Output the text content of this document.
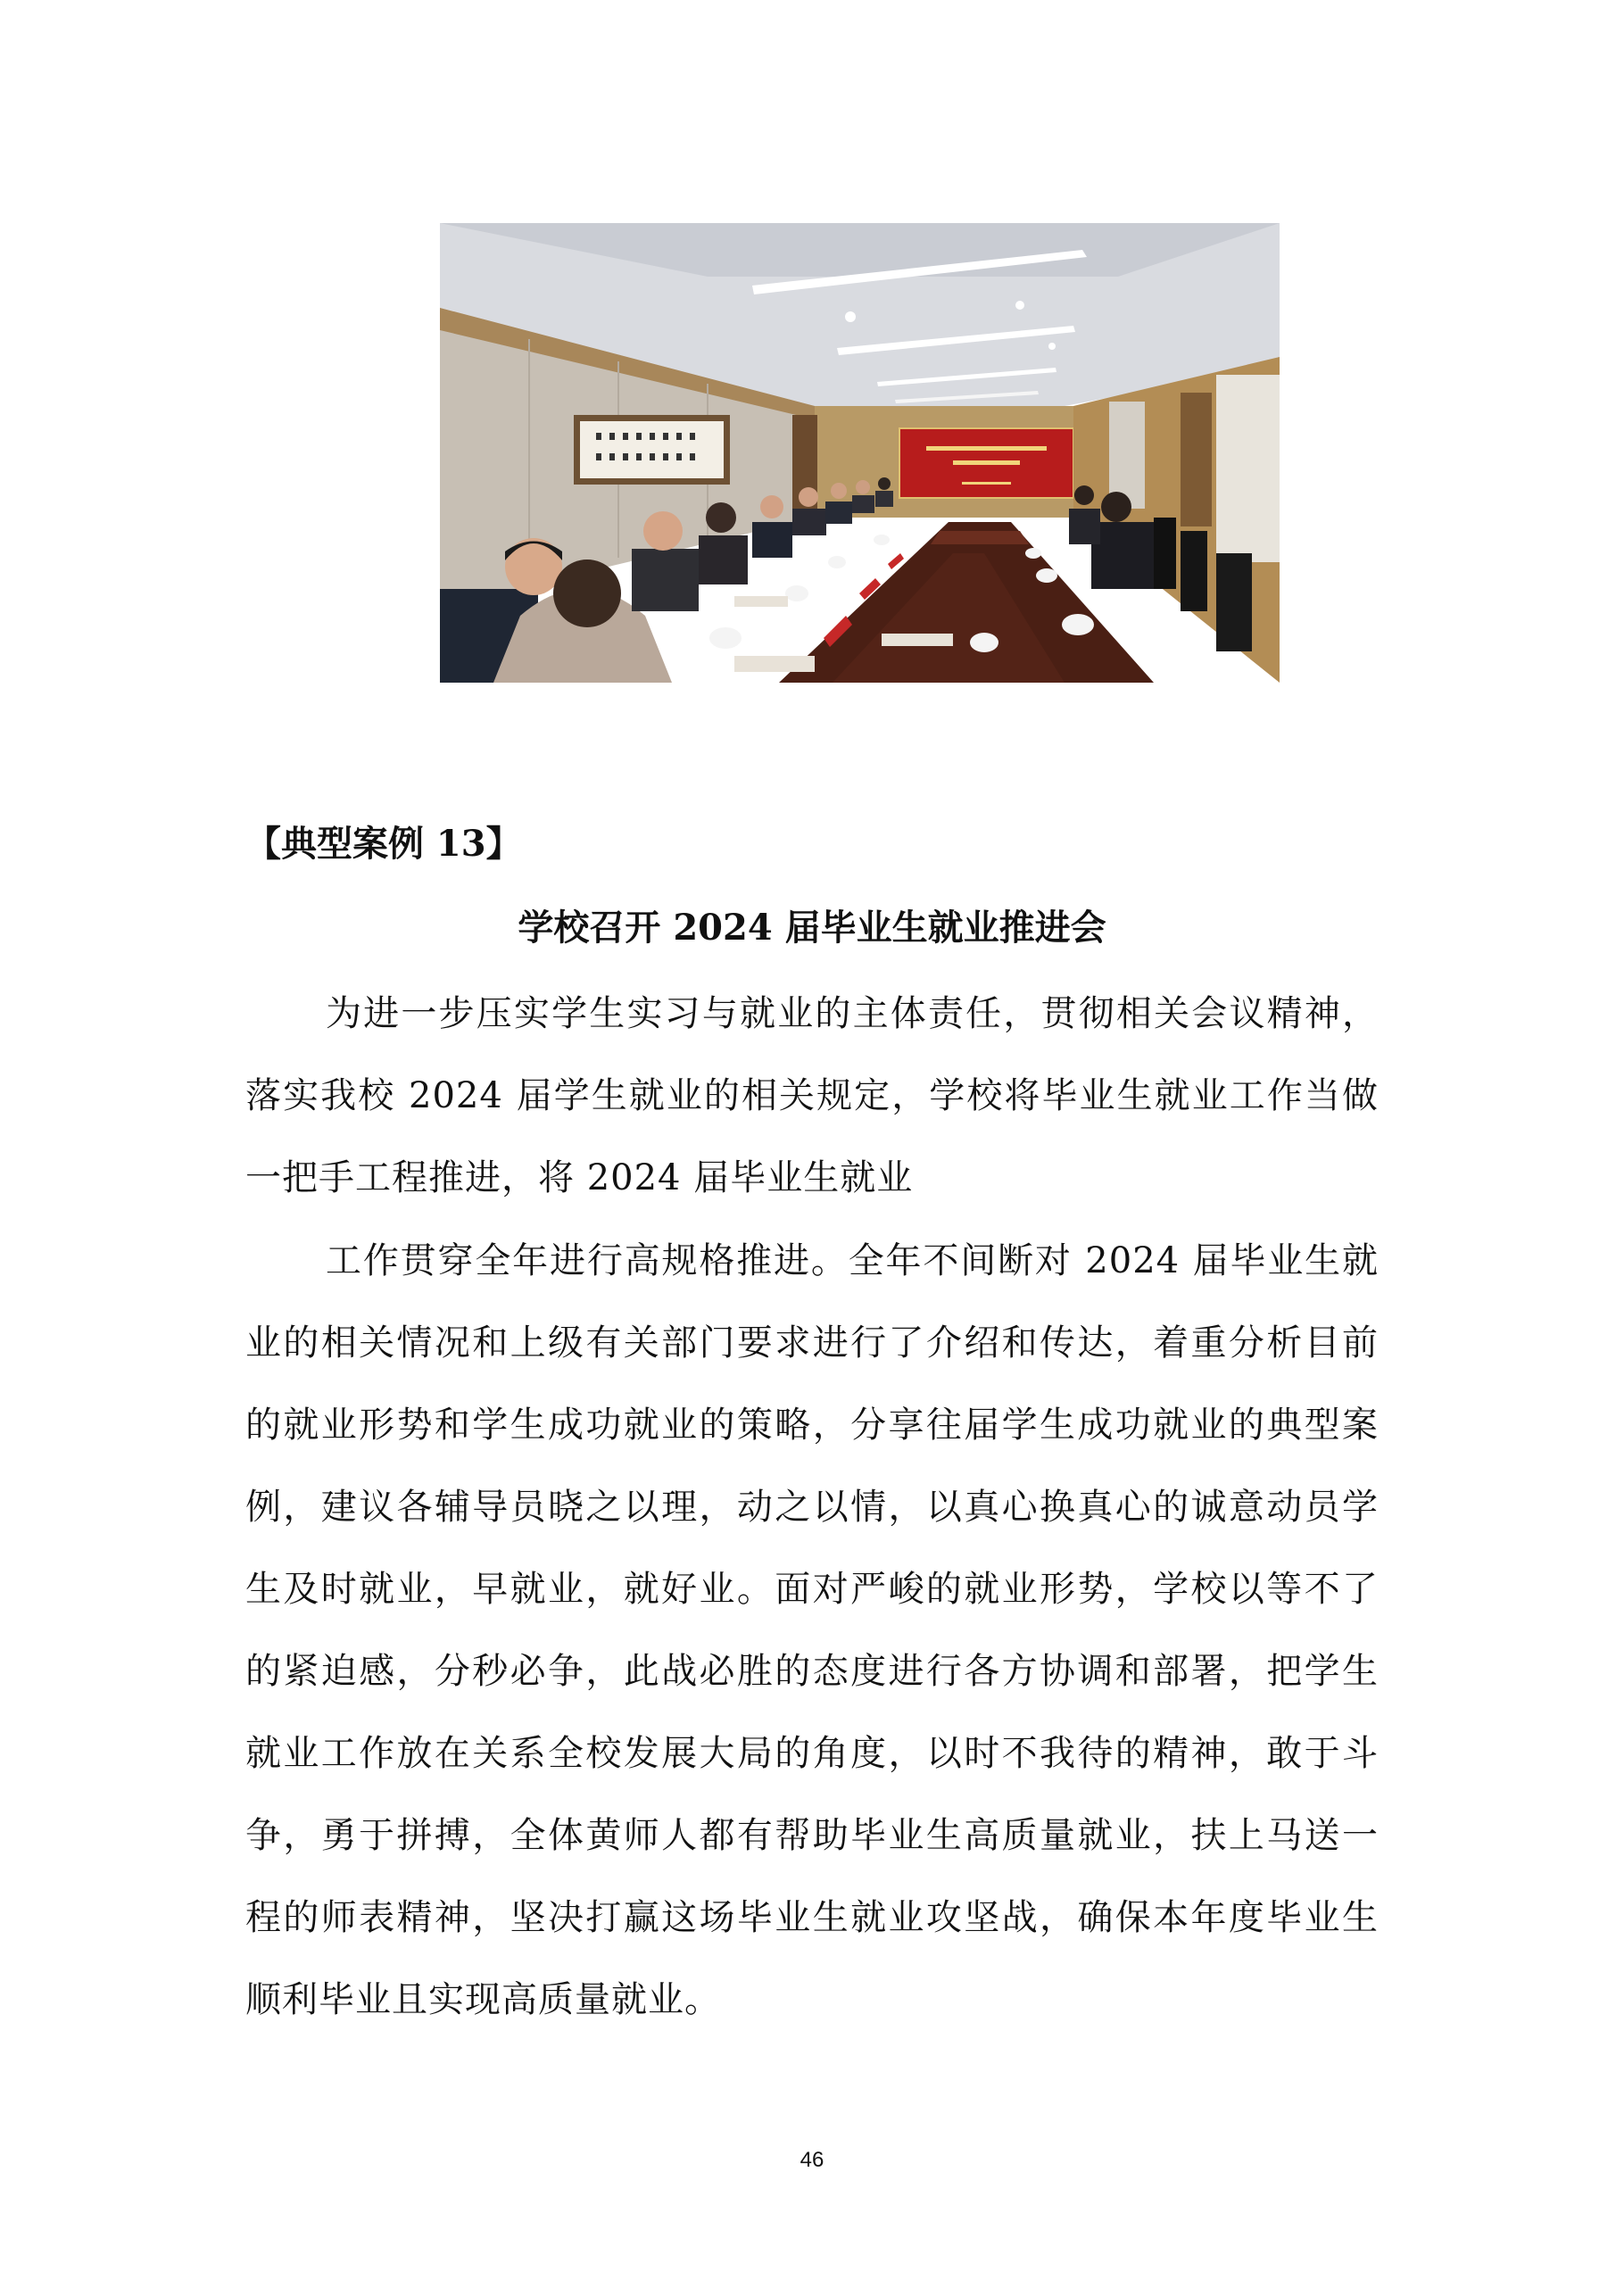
【典型案例 13】
学校召开 2024 届毕业生就业推进会
为进一步压实学生实习与就业的主体责任，贯彻相关会议精神，
落实我校 2024 届学生就业的相关规定，学校将毕业生就业工作当做
一把手工程推进，将 2024 届毕业生就业
工作贯穿全年进行高规格推进。全年不间断对 2024 届毕业生就
业的相关情况和上级有关部门要求进行了介绍和传达，着重分析目前
的就业形势和学生成功就业的策略，分享往届学生成功就业的典型案
例，建议各辅导员晓之以理，动之以情，以真心换真心的诚意动员学
生及时就业，早就业，就好业。面对严峻的就业形势，学校以等不了
的紧迫感，分秒必争，此战必胜的态度进行各方协调和部署，把学生
就业工作放在关系全校发展大局的角度，以时不我待的精神，敢于斗
争，勇于拼搏，全体黄师人都有帮助毕业生高质量就业，扶上马送一
程的师表精神，坚决打赢这场毕业生就业攻坚战，确保本年度毕业生
顺利毕业且实现高质量就业。
46
